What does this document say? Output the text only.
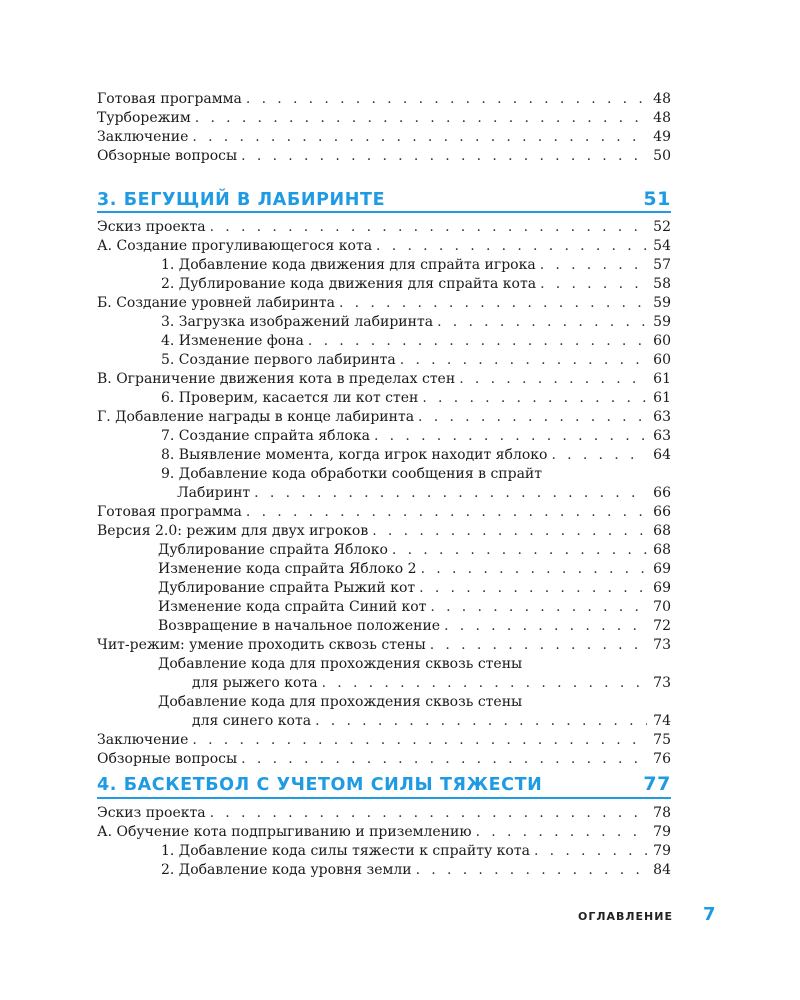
Готовая программа . . .	48
Турборежим . . .	48
Заключение . . .	49
Обзорные вопросы . . .	50
3. БЕГУЩИЙ В ЛАБИРИНТЕ	51
Эскиз проекта . . .	52
А. Создание прогуливающегося кота . . .	54
1. Добавление кода движения для спрайта игрока . . .	57
2. Дублирование кода движения для спрайта кота . . .	58
Б. Создание уровней лабиринта . . .	59
3. Загрузка изображений лабиринта . . .	59
4. Изменение фона . . .	60
5. Создание первого лабиринта . . .	60
В. Ограничение движения кота в пределах стен . . .	61
6. Проверим, касается ли кот стен . . .	61
Г. Добавление награды в конце лабиринта . . .	63
7. Создание спрайта яблока . . .	63
8. Выявление момента, когда игрок находит яблоко . . .	64
9. Добавление кода обработки сообщения в спрайт
Лабиринт . . .	66
Готовая программа . . .	66
Версия 2.0: режим для двух игроков . . .	68
Дублирование спрайта Яблоко . . .	68
Изменение кода спрайта Яблоко 2 . . .	69
Дублирование спрайта Рыжий кот . . .	69
Изменение кода спрайта Синий кот . . .	70
Возвращение в начальное положение . . .	72
Чит-режим: умение проходить сквозь стены . . .	73
Добавление кода для прохождения сквозь стены
для рыжего кота . . .	73
Добавление кода для прохождения сквозь стены
для синего кота . . .	74
Заключение . . .	75
Обзорные вопросы . . .	76
4. БАСКЕТБОЛ С УЧЕТОМ СИЛЫ ТЯЖЕСТИ	77
Эскиз проекта . . .	78
А. Обучение кота подпрыгиванию и приземлению . . .	79
1. Добавление кода силы тяжести к спрайту кота . . .	79
2. Добавление кода уровня земли . . .	84
ОГЛАВЛЕНИЕ 7
